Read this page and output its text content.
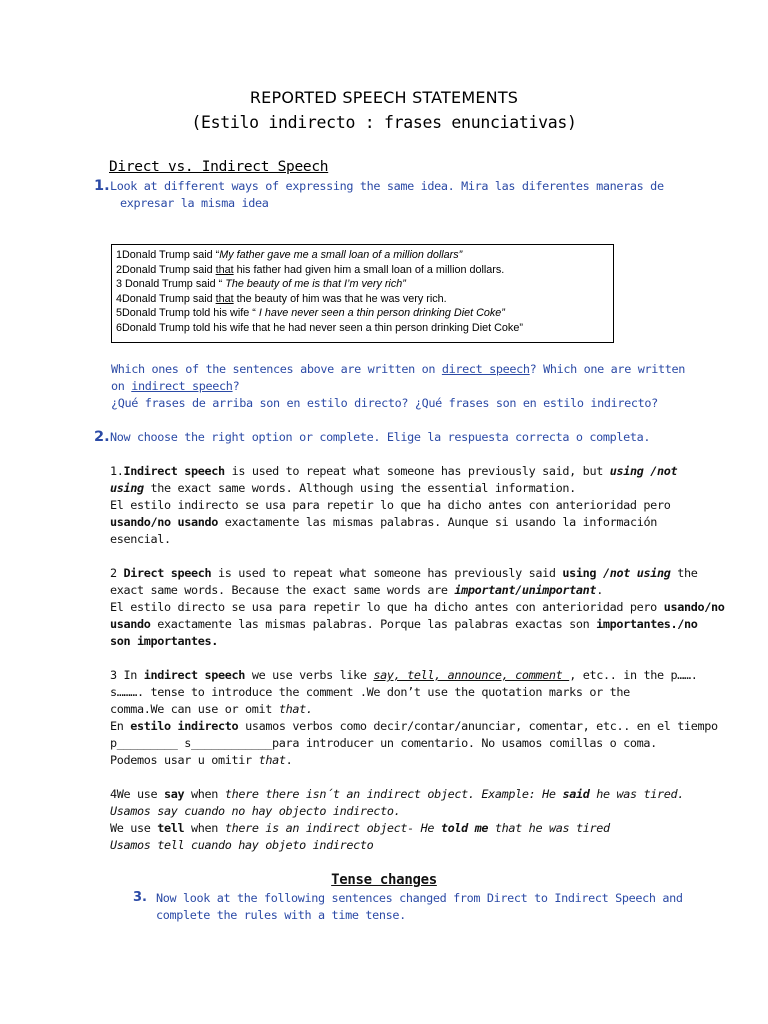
REPORTED SPEECH STATEMENTS
(Estilo indirecto : frases enunciativas)
Direct vs. Indirect Speech
1. Look at different ways of expressing the same idea. Mira las diferentes maneras de
expresar la misma idea
1Donald Trump said “My father gave me a small loan of a million dollars”
2Donald Trump said that his father had given him a small loan of a million dollars.
3 Donald Trump said “ The beauty of me is that I’m very rich”
4Donald Trump said that the beauty of him was that he was very rich.
5Donald Trump told his wife “ I have never seen a thin person drinking Diet Coke”
6Donald Trump told his wife that he had never seen a thin person drinking Diet Coke”
Which ones of the sentences above are written on direct speech? Which one are written
on indirect speech?
¿Qué frases de arriba son en estilo directo? ¿Qué frases son en estilo indirecto?
2. Now choose the right option or complete. Elige la respuesta correcta o completa.
1.Indirect speech is used to repeat what someone has previously said, but using /not
using the exact same words. Although using the essential information.
El estilo indirecto se usa para repetir lo que ha dicho antes con anterioridad pero
usando/no usando exactamente las mismas palabras. Aunque si usando la información
esencial.
2 Direct speech is used to repeat what someone has previously said using /not using the
exact same words. Because the exact same words are important/unimportant.
El estilo directo se usa para repetir lo que ha dicho antes con anterioridad pero usando/no
usando exactamente las mismas palabras. Porque las palabras exactas son importantes./no
son importantes.
3 In indirect speech we use verbs like say, tell, announce, comment , etc.. in the p…….
s………. tense to introduce the comment .We don’t use the quotation marks or the
comma.We can use or omit that.
En estilo indirecto usamos verbos como decir/contar/anunciar, comentar, etc.. en el tiempo
p_________ s____________para introducer un comentario. No usamos comillas o coma.
Podemos usar u omitir that.
4We use say when there there isn´t an indirect object. Example: He said he was tired.
Usamos say cuando no hay objecto indirecto.
We use tell when there is an indirect object- He told me that he was tired
Usamos tell cuando hay objeto indirecto
Tense changes
3. Now look at the following sentences changed from Direct to Indirect Speech and
complete the rules with a time tense.
